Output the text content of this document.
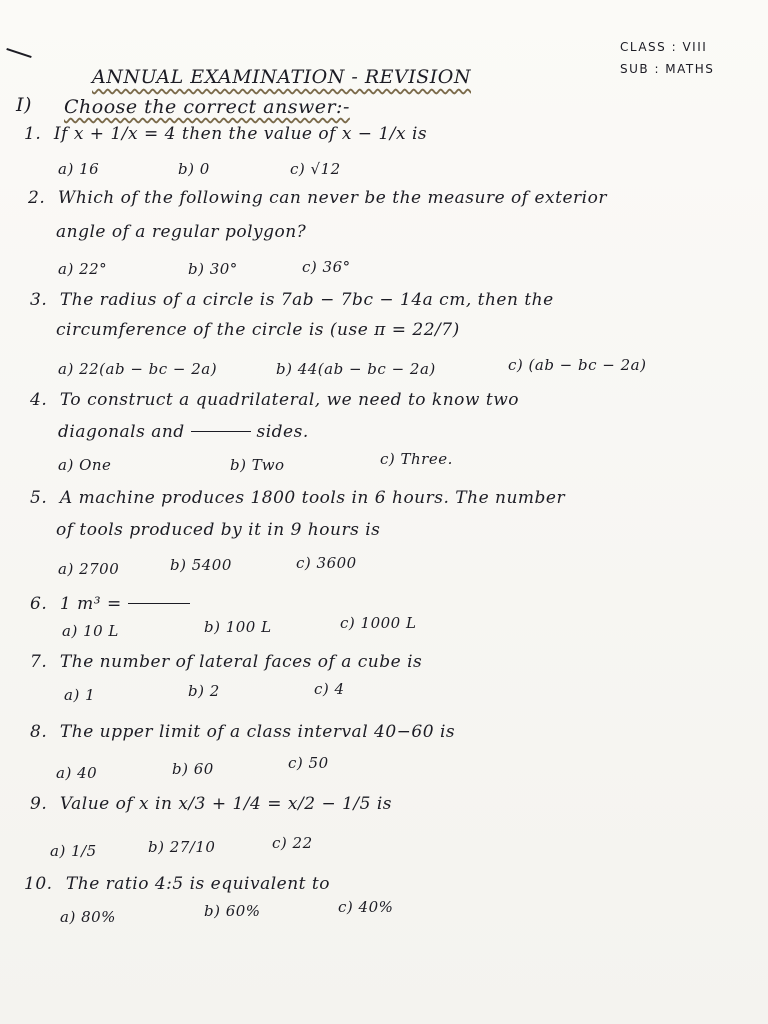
CLASS : VIII
SUB : MATHS
ANNUAL EXAMINATION - REVISION
I) Choose the correct answer:-
1. If x + 1/x = 4 then the value of x − 1/x is
a) 16	b) 0	c) √12
2. Which of the following can never be the measure of exterior
angle of a regular polygon?
a) 22°	b) 30°	c) 36°
3. The radius of a circle is 7ab − 7bc − 14a cm, then the
circumference of the circle is (use π = 22/7)
a) 22(ab − bc − 2a)	b) 44(ab − bc − 2a)	c) (ab − bc − 2a)
4. To construct a quadrilateral, we need to know two
diagonals and	sides.
a) One	b) Two	c) Three.
5. A machine produces 1800 tools in 6 hours. The number
of tools produced by it in 9 hours is
a) 2700	b) 5400	c) 3600
6. 1 m³ =
a) 10 L	b) 100 L	c) 1000 L
7. The number of lateral faces of a cube is
a) 1	b) 2	c) 4
8. The upper limit of a class interval 40−60 is
a) 40	b) 60	c) 50
9. Value of x in x/3 + 1/4 = x/2 − 1/5 is
a) 1/5	b) 27/10	c) 22
10. The ratio 4:5 is equivalent to
a) 80%	b) 60%	c) 40%
